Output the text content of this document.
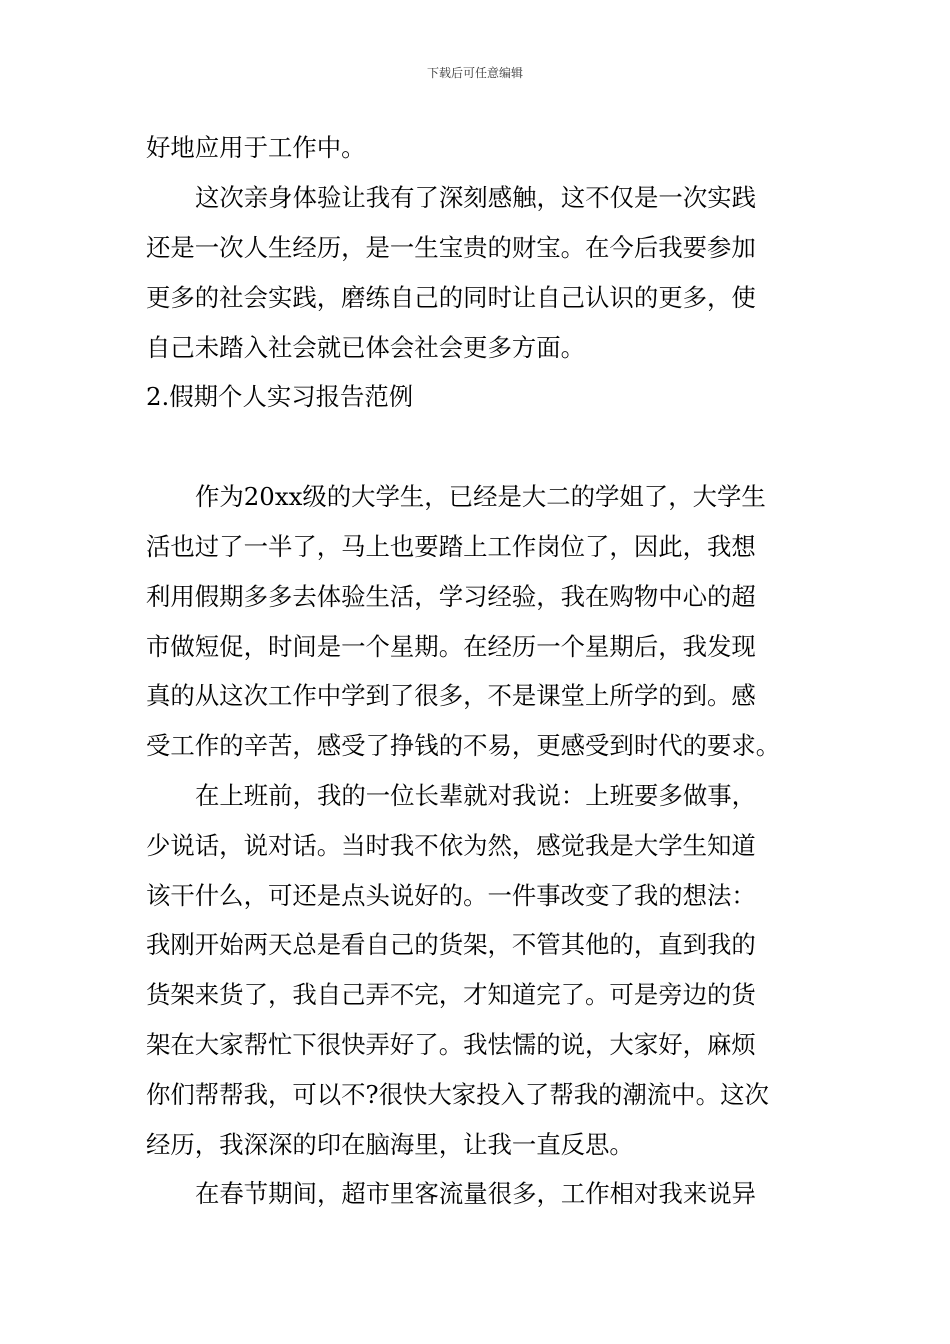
下载后可任意编辑
好地应用于工作中。
这次亲身体验让我有了深刻感触，这不仅是一次实践
还是一次人生经历，是一生宝贵的财宝。在今后我要参加
更多的社会实践，磨练自己的同时让自己认识的更多，使
自己未踏入社会就已体会社会更多方面。
2.假期个人实习报告范例
作为20xx级的大学生，已经是大二的学姐了，大学生
活也过了一半了，马上也要踏上工作岗位了，因此，我想
利用假期多多去体验生活，学习经验，我在购物中心的超
市做短促，时间是一个星期。在经历一个星期后，我发现
真的从这次工作中学到了很多，不是课堂上所学的到。感
受工作的辛苦，感受了挣钱的不易，更感受到时代的要求。
在上班前，我的一位长辈就对我说：上班要多做事，
少说话，说对话。当时我不依为然，感觉我是大学生知道
该干什么，可还是点头说好的。一件事改变了我的想法：
我刚开始两天总是看自己的货架，不管其他的，直到我的
货架来货了，我自己弄不完，才知道完了。可是旁边的货
架在大家帮忙下很快弄好了。我怯懦的说，大家好，麻烦
你们帮帮我，可以不?很快大家投入了帮我的潮流中。这次
经历，我深深的印在脑海里，让我一直反思。
在春节期间，超市里客流量很多，工作相对我来说异
